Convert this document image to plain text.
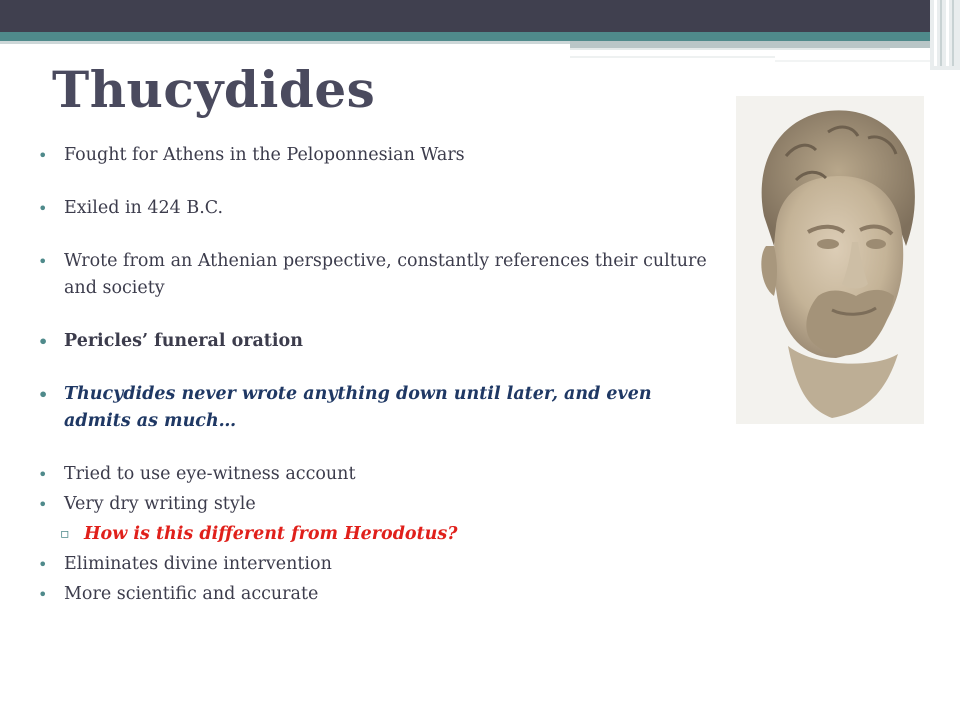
Thucydides
• Fought for Athens in the Peloponnesian Wars
• Exiled in 424 B.C.
• Wrote from an Athenian perspective, constantly references their culture and society
• Pericles’ funeral oration
• Thucydides never wrote anything down until later, and even admits as much…
• Tried to use eye-witness account
• Very dry writing style
▫ How is this different from Herodotus?
• Eliminates divine intervention
• More scientific and accurate
